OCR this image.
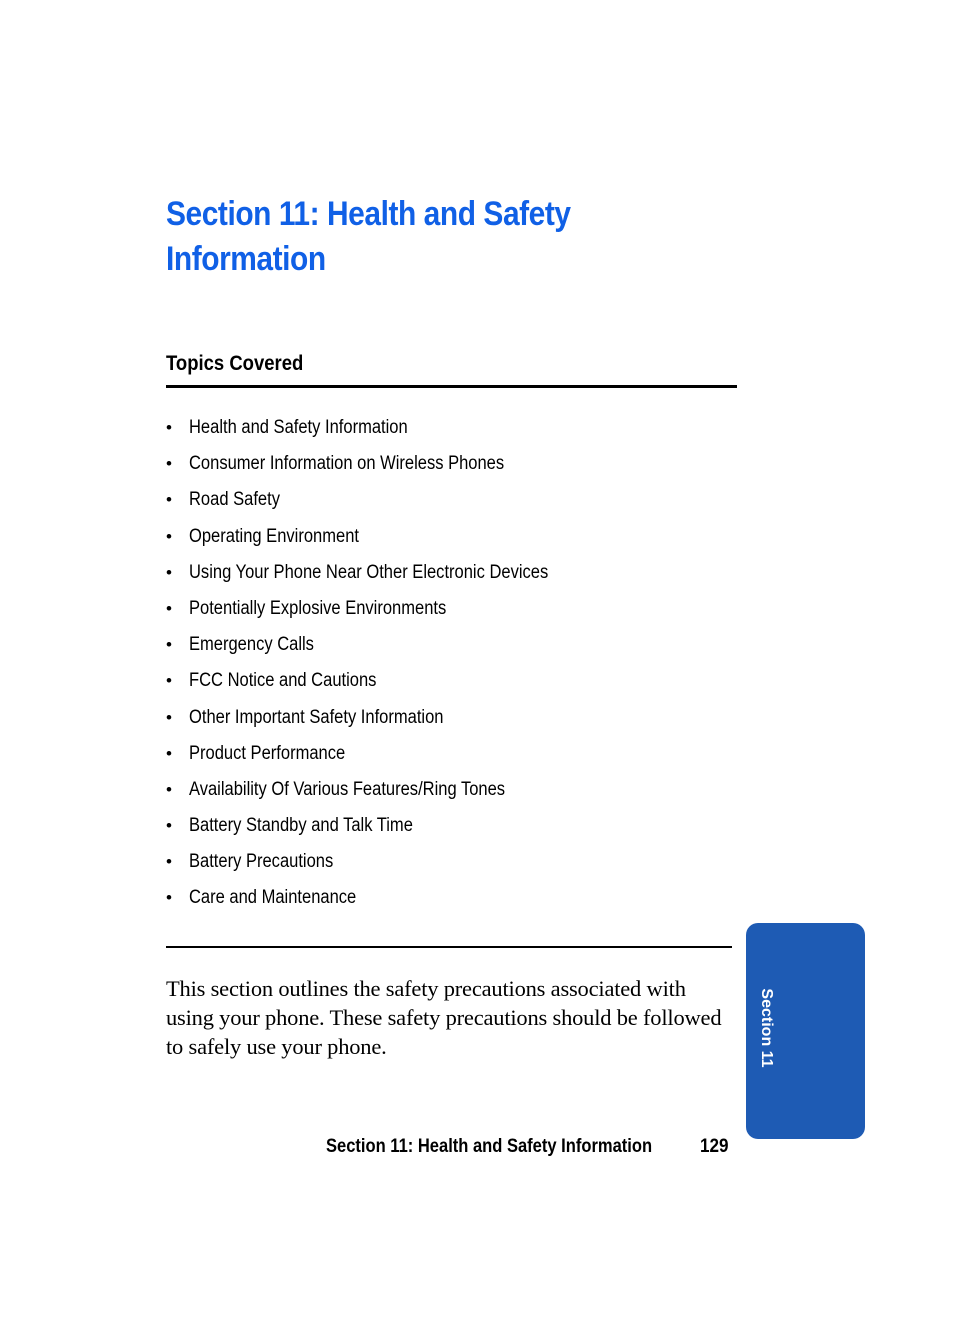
Section 11: Health and Safety Information
Topics Covered
• Health and Safety Information
• Consumer Information on Wireless Phones
• Road Safety
• Operating Environment
• Using Your Phone Near Other Electronic Devices
• Potentially Explosive Environments
• Emergency Calls
• FCC Notice and Cautions
• Other Important Safety Information
• Product Performance
• Availability Of Various Features/Ring Tones
• Battery Standby and Talk Time
• Battery Precautions
• Care and Maintenance

This section outlines the safety precautions associated with using your phone. These safety precautions should be followed to safely use your phone.	Section 11
Section 11: Health and Safety Information	129
